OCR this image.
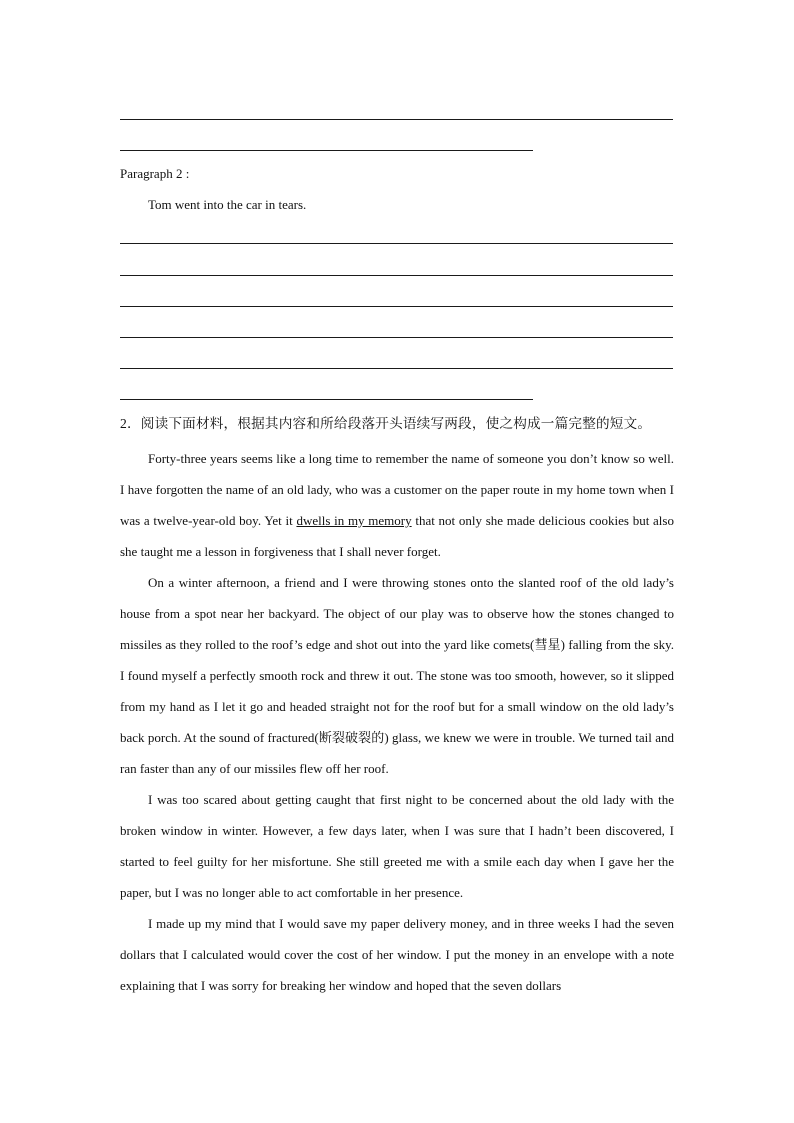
Paragraph 2 :
Tom went into the car in tears.
2．阅读下面材料，根据其内容和所给段落开头语续写两段，使之构成一篇完整的短文。

Forty-three years seems like a long time to remember the name of someone you don’t know so well. I have forgotten the name of an old lady, who was a customer on the paper route in my home town when I was a twelve-year-old boy. Yet it dwells in my memory that not only she made delicious cookies but also she taught me a lesson in forgiveness that I shall never forget.

On a winter afternoon, a friend and I were throwing stones onto the slanted roof of the old lady’s house from a spot near her backyard. The object of our play was to observe how the stones changed to missiles as they rolled to the roof’s edge and shot out into the yard like comets(彗星) falling from the sky. I found myself a perfectly smooth rock and threw it out. The stone was too smooth, however, so it slipped from my hand as I let it go and headed straight not for the roof but for a small window on the old lady’s back porch. At the sound of fractured(断裂破裂的) glass, we knew we were in trouble. We turned tail and ran faster than any of our missiles flew off her roof.

I was too scared about getting caught that first night to be concerned about the old lady with the broken window in winter. However, a few days later, when I was sure that I hadn’t been discovered, I started to feel guilty for her misfortune. She still greeted me with a smile each day when I gave her the paper, but I was no longer able to act comfortable in her presence.

I made up my mind that I would save my paper delivery money, and in three weeks I had the seven dollars that I calculated would cover the cost of her window. I put the money in an envelope with a note explaining that I was sorry for breaking her window and hoped that the seven dollars
